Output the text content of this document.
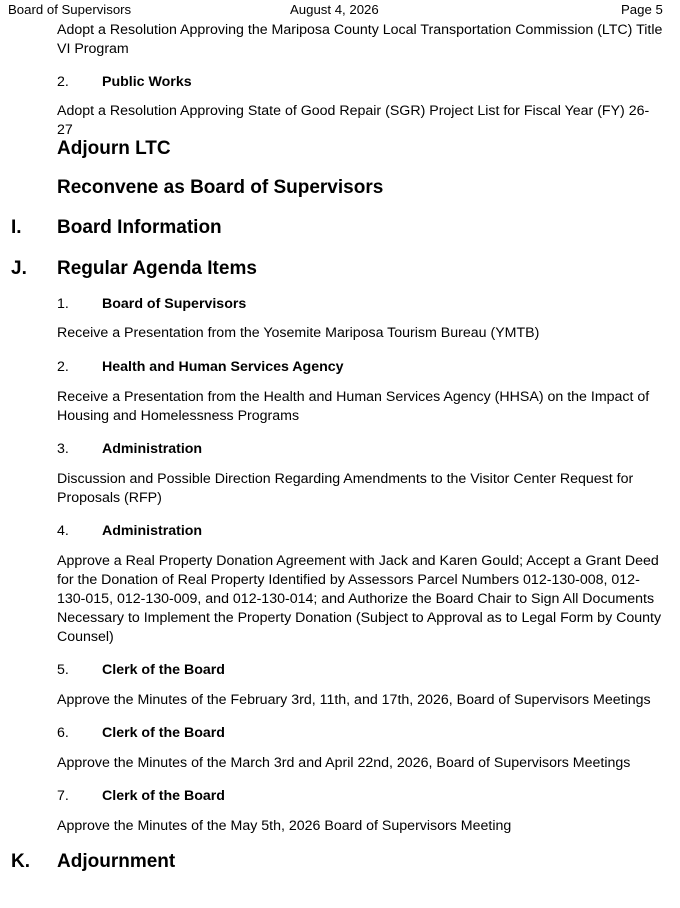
Board of Supervisors	August 4, 2026	Page 5
Adopt a Resolution Approving the Mariposa County Local Transportation Commission (LTC) Title VI Program
2. Public Works
Adopt a Resolution Approving State of Good Repair (SGR) Project List for Fiscal Year (FY) 26-27
Adjourn LTC
Reconvene as Board of Supervisors
I. Board Information
J. Regular Agenda Items
1. Board of Supervisors
Receive a Presentation from the Yosemite Mariposa Tourism Bureau (YMTB)
2. Health and Human Services Agency
Receive a Presentation from the Health and Human Services Agency (HHSA) on the Impact of Housing and Homelessness Programs
3. Administration
Discussion and Possible Direction Regarding Amendments to the Visitor Center Request for Proposals (RFP)
4. Administration
Approve a Real Property Donation Agreement with Jack and Karen Gould; Accept a Grant Deed for the Donation of Real Property Identified by Assessors Parcel Numbers 012-130-008, 012-130-015, 012-130-009, and 012-130-014; and Authorize the Board Chair to Sign All Documents Necessary to Implement the Property Donation (Subject to Approval as to Legal Form by County Counsel)
5. Clerk of the Board
Approve the Minutes of the February 3rd, 11th, and 17th, 2026, Board of Supervisors Meetings
6. Clerk of the Board
Approve the Minutes of the March 3rd and April 22nd, 2026, Board of Supervisors Meetings
7. Clerk of the Board
Approve the Minutes of the May 5th, 2026 Board of Supervisors Meeting
K. Adjournment
